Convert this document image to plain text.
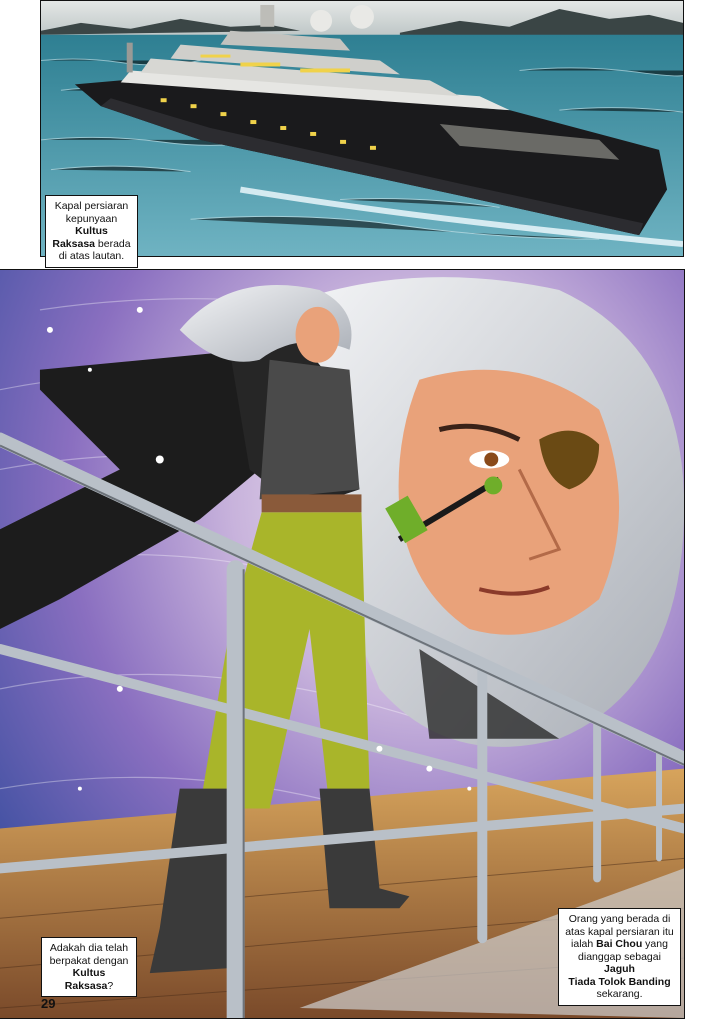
Kapal persiaran
kepunyaan Kultus
Raksasa berada
di atas lautan.
Adakah dia telah
berpakat dengan
Kultus Raksasa?
Orang yang berada di
atas kapal persiaran itu
ialah Bai Chou yang
dianggap sebagai Jaguh
Tiada Tolok Banding
sekarang.
29
